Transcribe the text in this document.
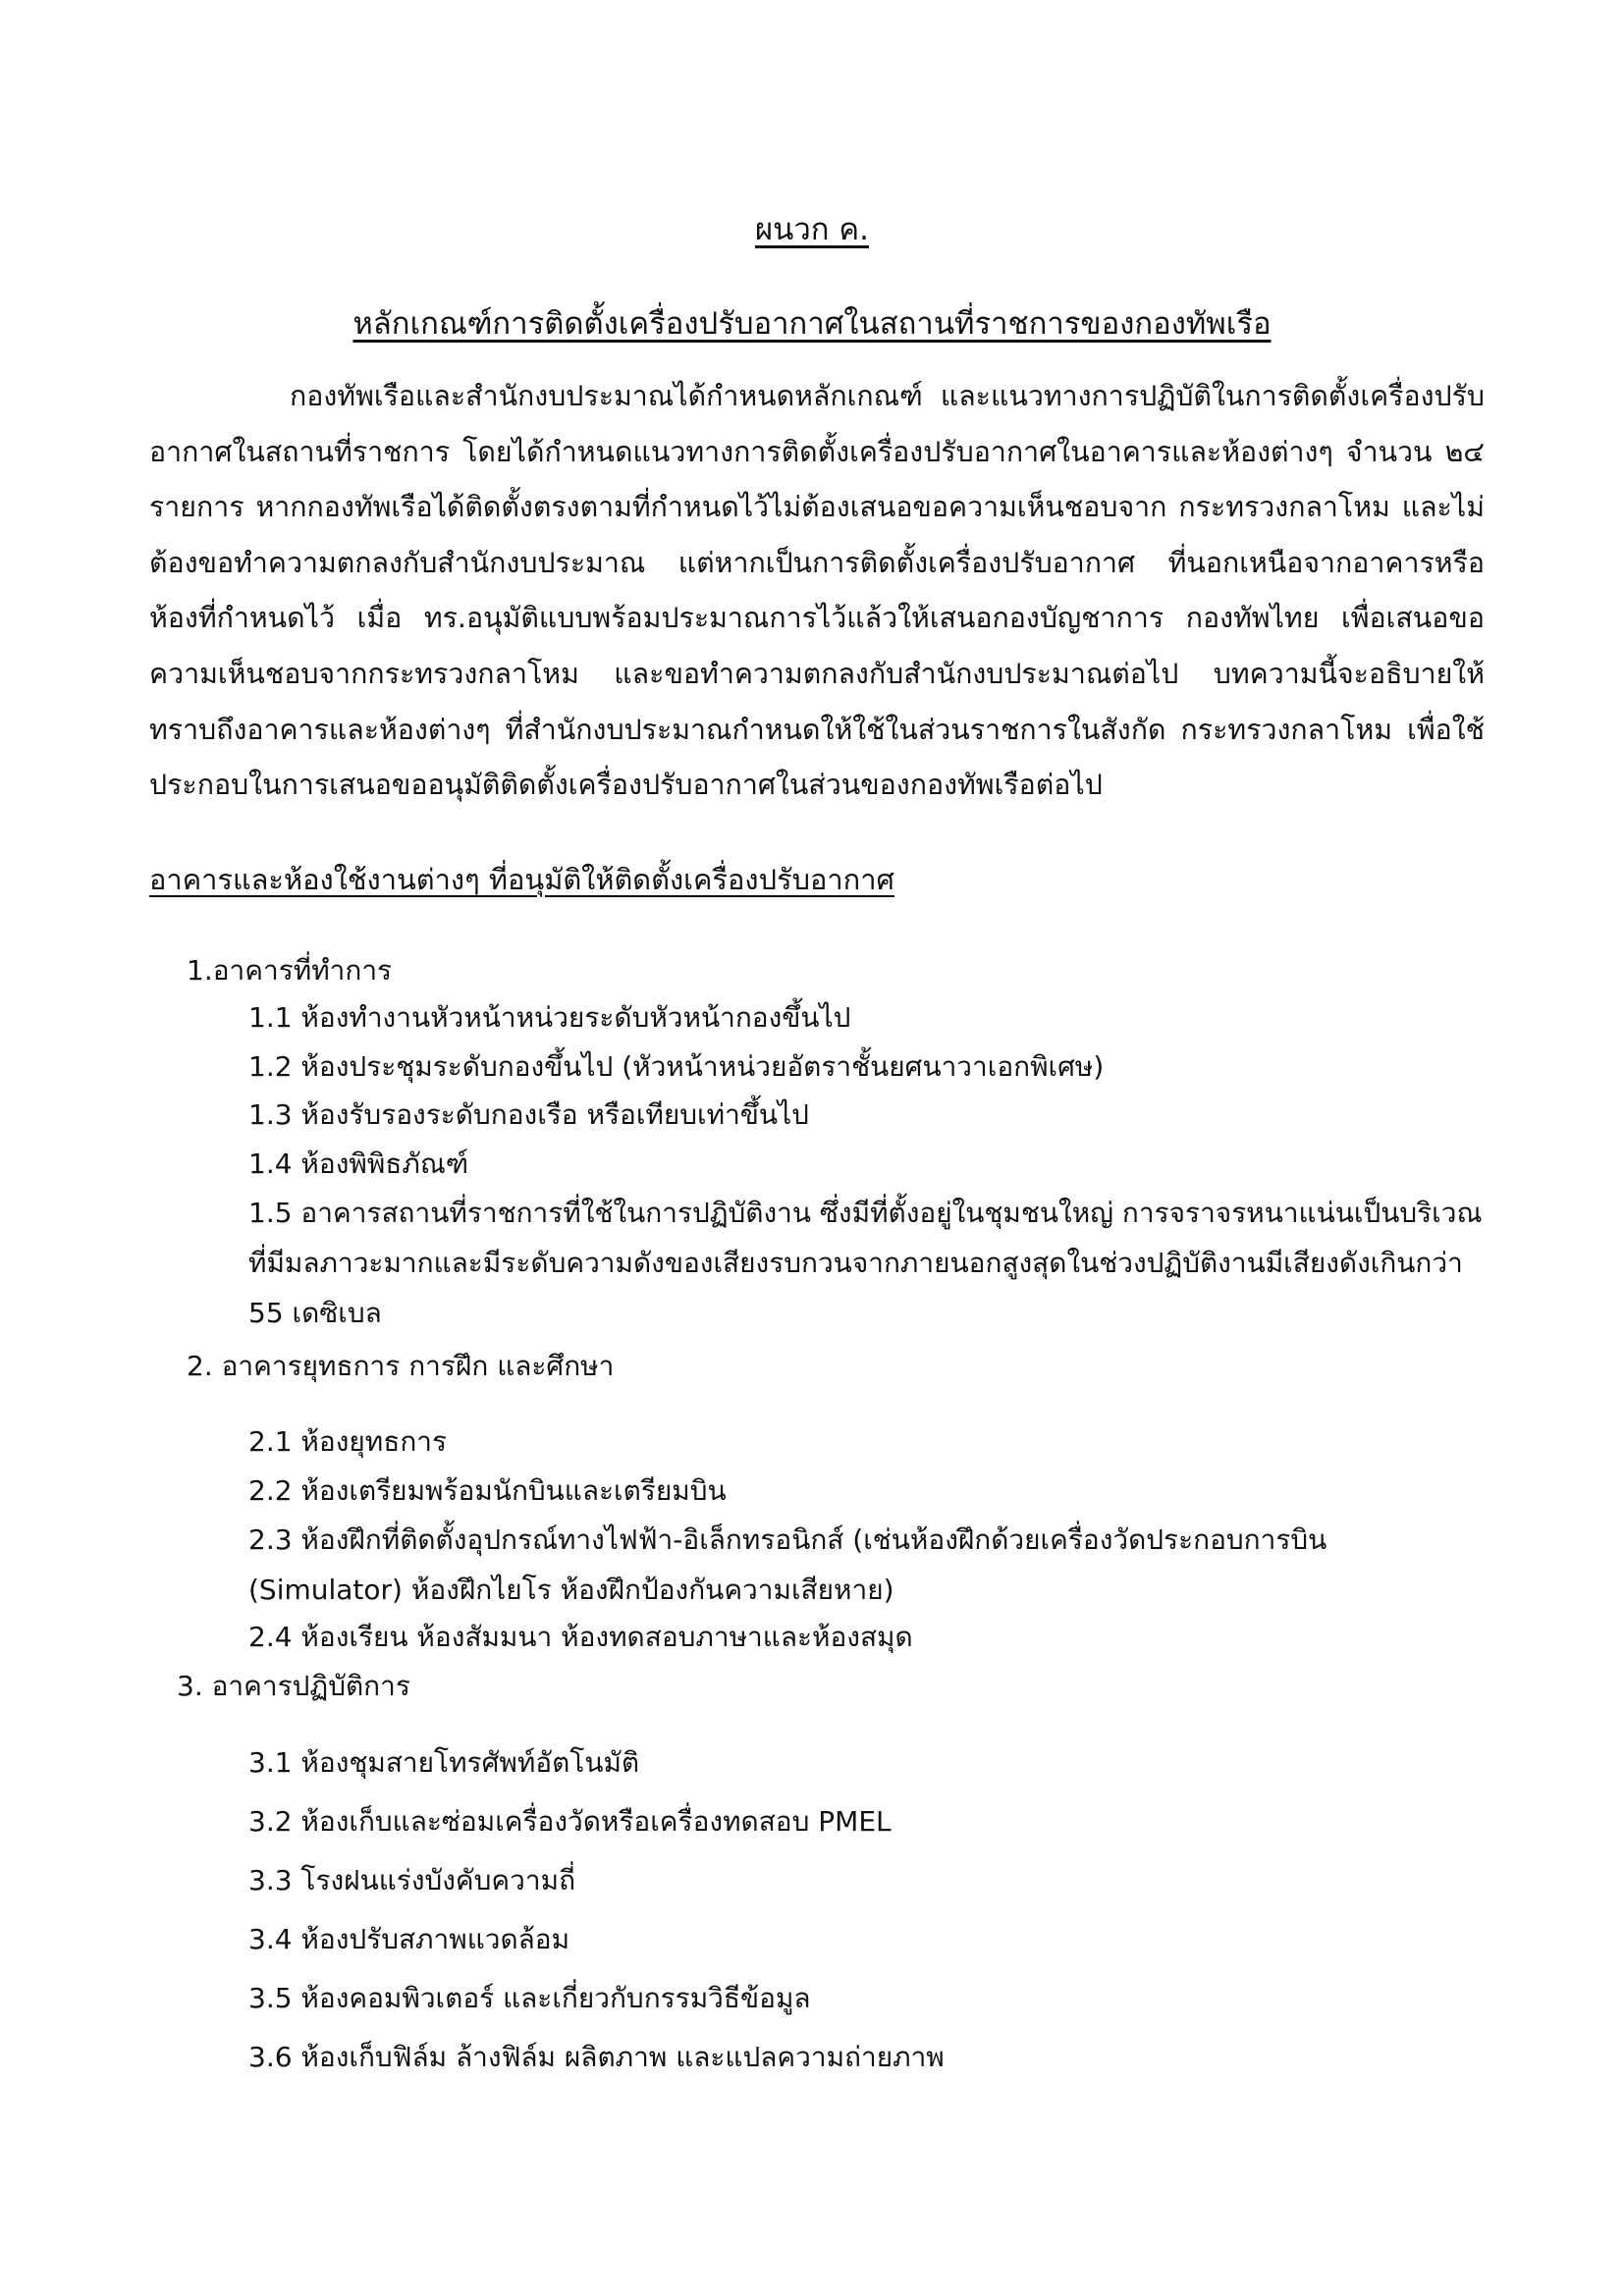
ผนวก ค.
หลักเกณฑ์การติดตั้งเครื่องปรับอากาศในสถานที่ราชการของกองทัพเรือ

กองทัพเรือและสำนักงบประมาณได้กำหนดหลักเกณฑ์ และแนวทางการปฏิบัติในการติดตั้งเครื่องปรับอากาศในสถานที่ราชการ โดยได้กำหนดแนวทางการติดตั้งเครื่องปรับอากาศในอาคารและห้องต่างๆ จำนวน ๒๔ รายการ หากกองทัพเรือได้ติดตั้งตรงตามที่กำหนดไว้ไม่ต้องเสนอขอความเห็นชอบจาก กระทรวงกลาโหม และไม่ต้องขอทำความตกลงกับสำนักงบประมาณ แต่หากเป็นการติดตั้งเครื่องปรับอากาศ ที่นอกเหนือจากอาคารหรือห้องที่กำหนดไว้ เมื่อ ทร.อนุมัติแบบพร้อมประมาณการไว้แล้วให้เสนอกองบัญชาการ กองทัพไทย เพื่อเสนอขอความเห็นชอบจากกระทรวงกลาโหม และขอทำความตกลงกับสำนักงบประมาณต่อไป บทความนี้จะอธิบายให้ทราบถึงอาคารและห้องต่างๆ ที่สำนักงบประมาณกำหนดให้ใช้ในส่วนราชการในสังกัด กระทรวงกลาโหม เพื่อใช้ประกอบในการเสนอขออนุมัติติดตั้งเครื่องปรับอากาศในส่วนของกองทัพเรือต่อไป

อาคารและห้องใช้งานต่างๆ ที่อนุมัติให้ติดตั้งเครื่องปรับอากาศ
1.อาคารที่ทำการ

1.1 ห้องทำงานหัวหน้าหน่วยระดับหัวหน้ากองขึ้นไป

1.2 ห้องประชุมระดับกองขึ้นไป (หัวหน้าหน่วยอัตราชั้นยศนาวาเอกพิเศษ)

1.3 ห้องรับรองระดับกองเรือ หรือเทียบเท่าขึ้นไป

1.4 ห้องพิพิธภัณฑ์

1.5 อาคารสถานที่ราชการที่ใช้ในการปฏิบัติงาน ซึ่งมีที่ตั้งอยู่ในชุมชนใหญ่ การจราจรหนาแน่นเป็นบริเวณที่มีมลภาวะมากและมีระดับความดังของเสียงรบกวนจากภายนอกสูงสุดในช่วงปฏิบัติงานมีเสียงดังเกินกว่า 55 เดซิเบล

2. อาคารยุทธการ การฝึก และศึกษา

2.1 ห้องยุทธการ

2.2 ห้องเตรียมพร้อมนักบินและเตรียมบิน

2.3 ห้องฝึกที่ติดตั้งอุปกรณ์ทางไฟฟ้า-อิเล็กทรอนิกส์ (เช่นห้องฝึกด้วยเครื่องวัดประกอบการบิน (Simulator) ห้องฝึกไยโร ห้องฝึกป้องกันความเสียหาย)

2.4 ห้องเรียน ห้องสัมมนา ห้องทดสอบภาษาและห้องสมุด

3. อาคารปฏิบัติการ

3.1 ห้องชุมสายโทรศัพท์อัตโนมัติ

3.2 ห้องเก็บและซ่อมเครื่องวัดหรือเครื่องทดสอบ PMEL

3.3 โรงฝนแร่งบังคับความถี่

3.4 ห้องปรับสภาพแวดล้อม

3.5 ห้องคอมพิวเตอร์ และเกี่ยวกับกรรมวิธีข้อมูล

3.6 ห้องเก็บฟิล์ม ล้างฟิล์ม ผลิตภาพ และแปลความถ่ายภาพ
